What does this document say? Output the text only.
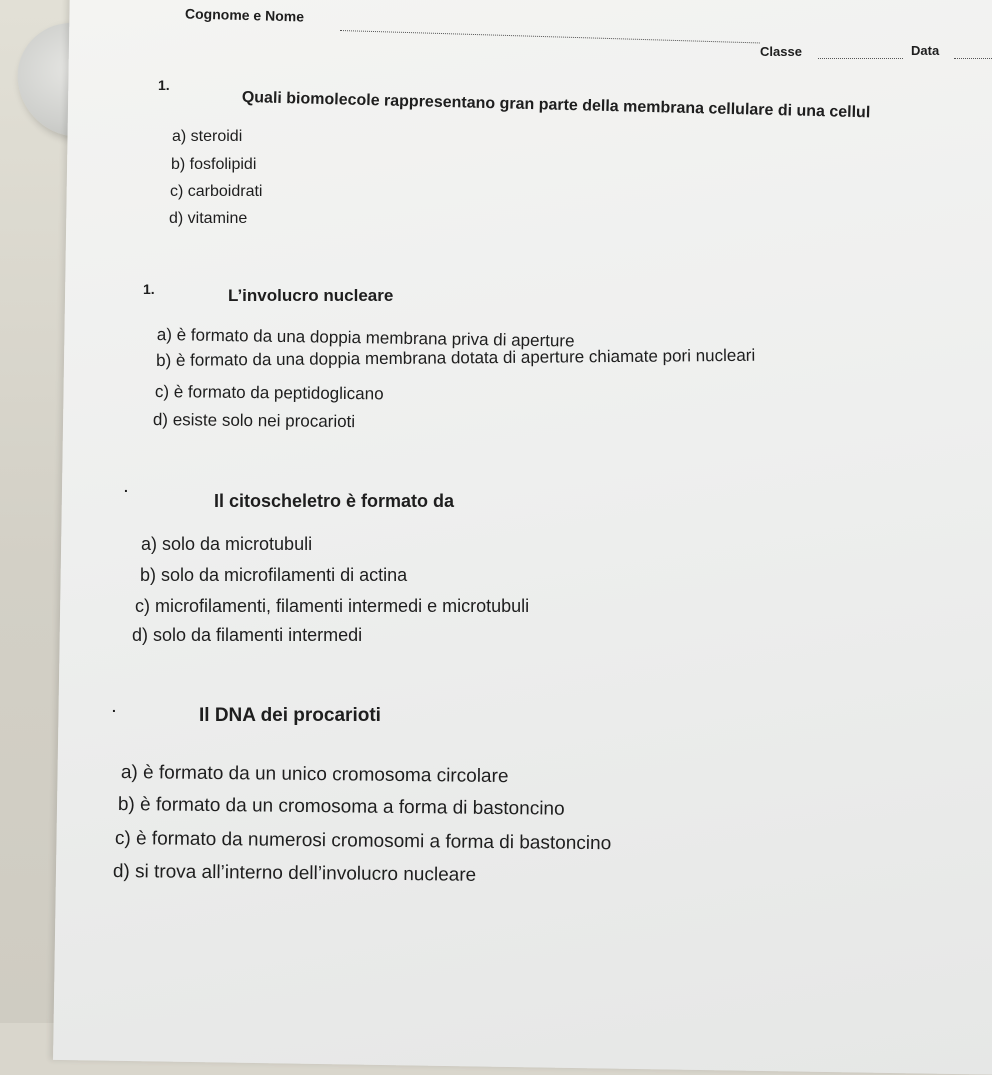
Cognome e Nome
Classe	Data
1.
Quali biomolecole rappresentano gran parte della membrana cellulare di una cellul
a) steroidi
b) fosfolipidi
c) carboidrati
d) vitamine
1.	L’involucro nucleare
a) è formato da una doppia membrana priva di aperture
b) è formato da una doppia membrana dotata di aperture chiamate pori nucleari
c) è formato da peptidoglicano
d) esiste solo nei procarioti
.
Il citoscheletro è formato da
a) solo da microtubuli
b) solo da microfilamenti di actina
c) microfilamenti, filamenti intermedi e microtubuli
d) solo da filamenti intermedi
.	Il DNA dei procarioti
a) è formato da un unico cromosoma circolare
b) è formato da un cromosoma a forma di bastoncino
c) è formato da numerosi cromosomi a forma di bastoncino
d) si trova all’interno dell’involucro nucleare
